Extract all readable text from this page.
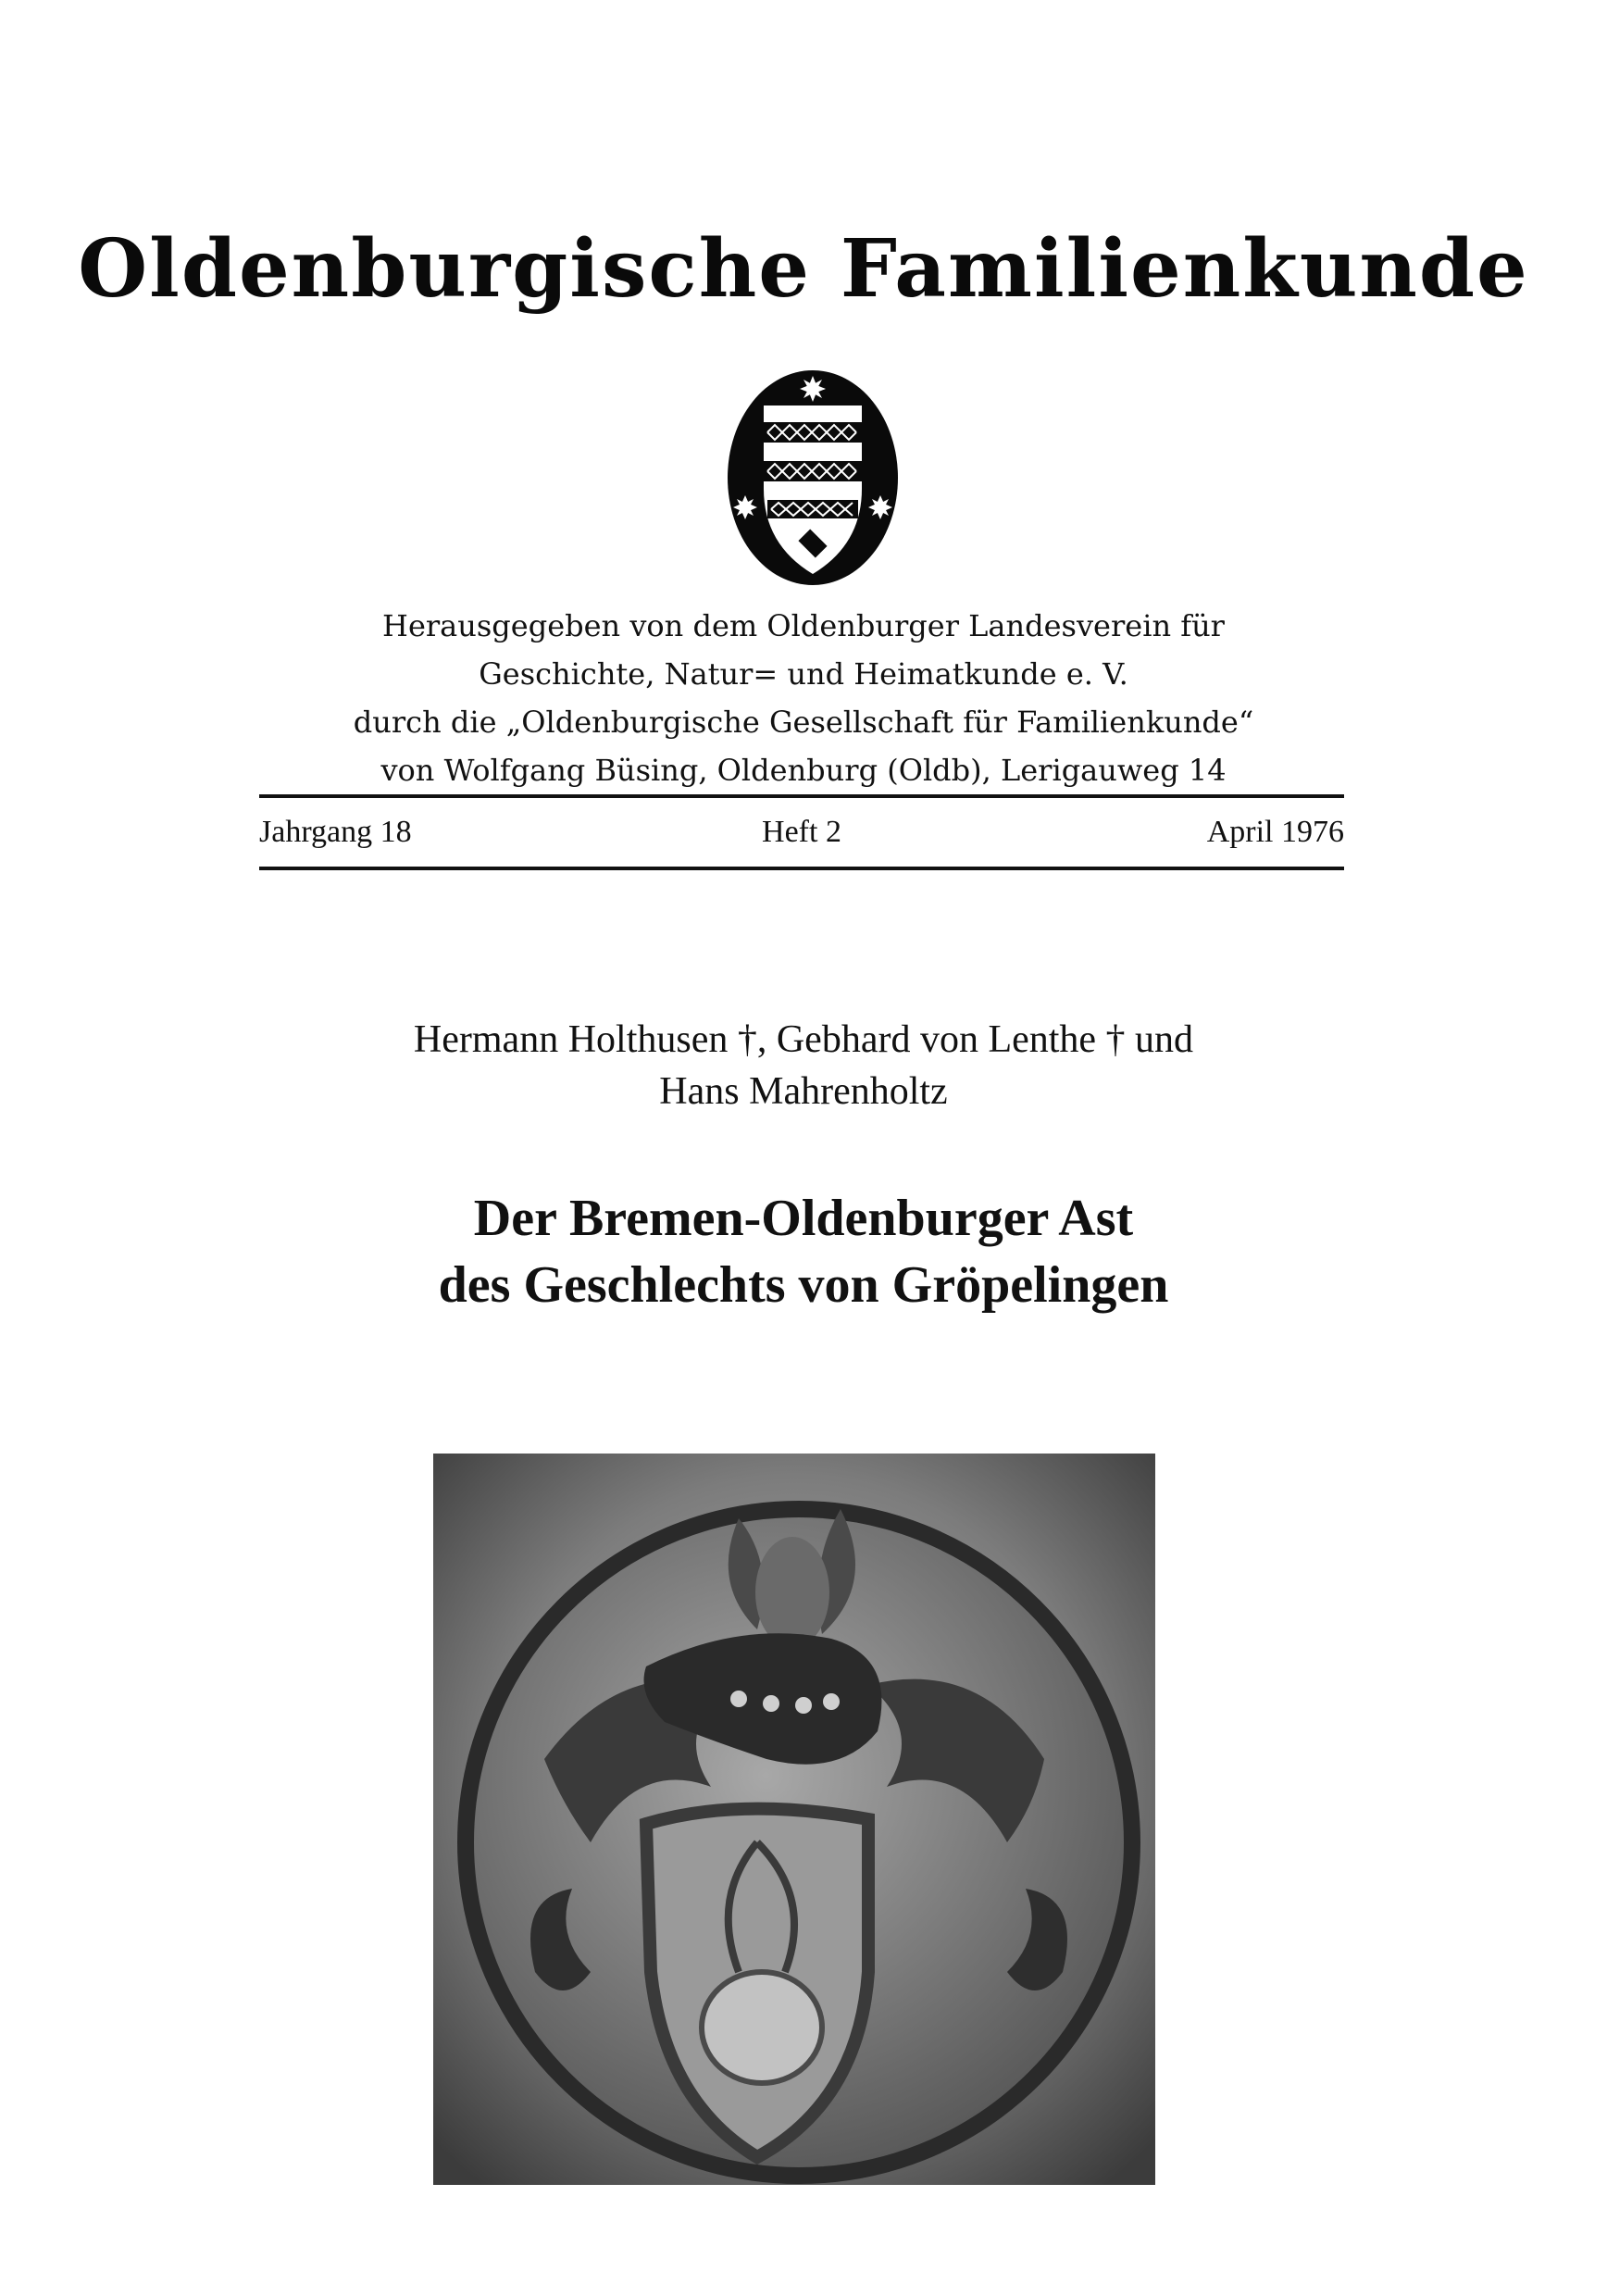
Oldenburgische Familienkunde
Herausgegeben von dem Oldenburger Landesverein für
Geschichte, Natur= und Heimatkunde e. V.
durch die „Oldenburgische Gesellschaft für Familienkunde“
von Wolfgang Büsing, Oldenburg (Oldb), Lerigauweg 14
Jahrgang 18	Heft 2	April 1976
Hermann Holthusen †, Gebhard von Lenthe † und
Hans Mahrenholtz
Der Bremen-Oldenburger Ast
des Geschlechts von Gröpelingen
